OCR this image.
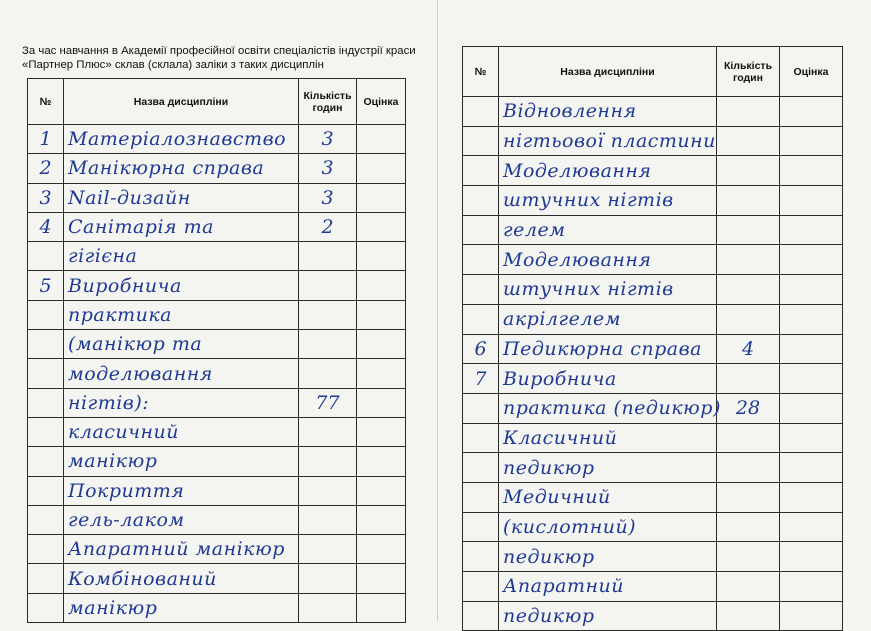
За час навчання в Академії професійної освіти спеціалістів індустрії краси «Партнер Плюс» склав (склала) заліки з таких дисциплін
№	Назва дисципліни	Кількість годин	Оцінка
1	Матеріалознавство	3	
2	Манікюрна справа	3	
3	Nail-дизайн	3	
4	Санітарія та	2	
	гігієна		
5	Виробнича		
	практика		
	(манікюр та		
	моделювання		
	нігтів):	77	
	класичний		
	манікюр		
	Покриття		
	гель-лаком		
	Апаратний манікюр		
	Комбінований		
	манікюр		
№	Назва дисципліни	Кількість годин	Оцінка
	Відновлення		
	нігтьової пластини		
	Моделювання		
	штучних нігтів		
	гелем		
	Моделювання		
	штучних нігтів		
	акрілгелем		
6	Педикюрна справа	4	
7	Виробнича		
	практика (педикюр)	28	
	Класичний		
	педикюр		
	Медичний		
	(кислотний)		
	педикюр		
	Апаратний		
	педикюр		
